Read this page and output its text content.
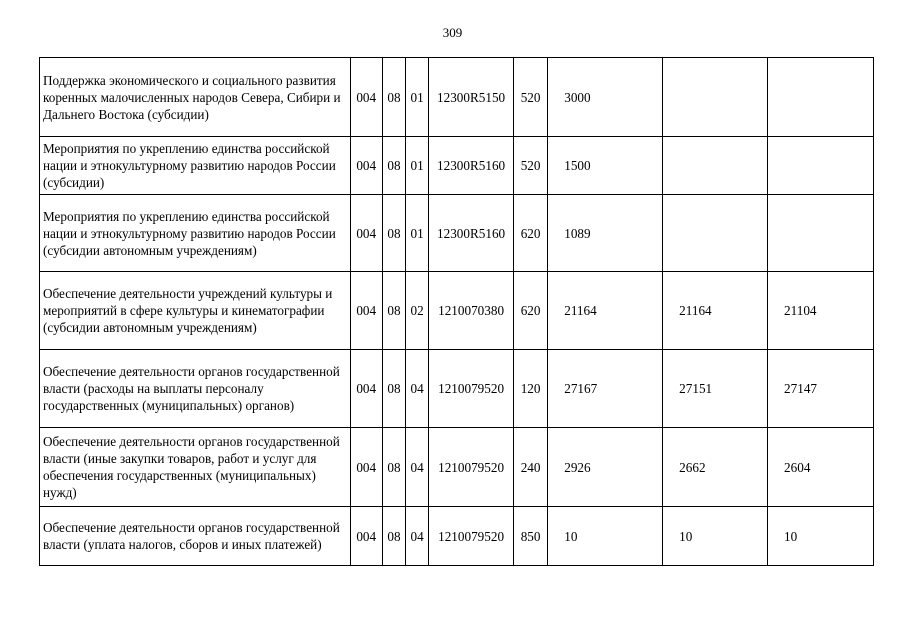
309
Поддержка экономического и социального развития коренных малочисленных народов Севера, Сибири и Дальнего Востока (субсидии)	004	08	01	12300R5150	520	3000		
Мероприятия по укреплению единства российской нации и этнокультурному развитию народов России (субсидии)	004	08	01	12300R5160	520	1500		
Мероприятия по укреплению единства российской нации и этнокультурному развитию народов России (субсидии автономным учреждениям)	004	08	01	12300R5160	620	1089		
Обеспечение деятельности учреждений культуры и мероприятий в сфере культуры и кинематографии (субсидии автономным учреждениям)	004	08	02	1210070380	620	21164	21164	21104
Обеспечение деятельности органов государственной власти (расходы на выплаты персоналу государственных (муниципальных) органов)	004	08	04	1210079520	120	27167	27151	27147
Обеспечение деятельности органов государственной власти (иные закупки товаров, работ и услуг для обеспечения государственных (муниципальных) нужд)	004	08	04	1210079520	240	2926	2662	2604
Обеспечение деятельности органов государственной власти (уплата налогов, сборов и иных платежей)	004	08	04	1210079520	850	10	10	10
